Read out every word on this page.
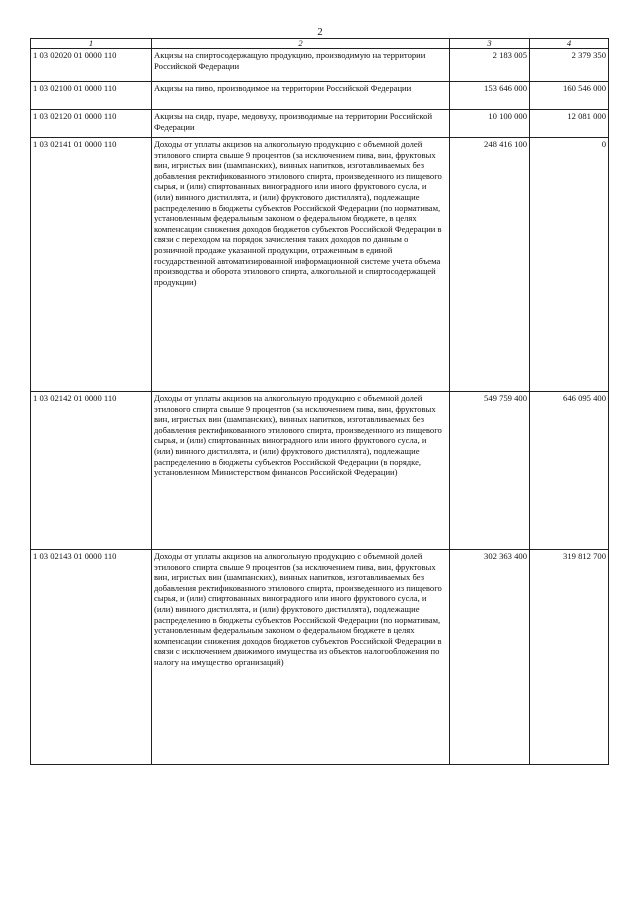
2
1	2	3	4
1 03 02020 01 0000 110	Акцизы на спиртосодержащую продукцию, производимую на территории Российской Федерации	2 183 005	2 379 350
1 03 02100 01 0000 110	Акцизы на пиво, производимое на территории Российской Федерации	153 646 000	160 546 000
1 03 02120 01 0000 110	Акцизы на сидр, пуаре, медовуху, производимые на территории Российской Федерации	10 100 000	12 081 000
1 03 02141 01 0000 110	Доходы от уплаты акцизов на алкогольную продукцию с объемной долей этилового спирта свыше 9 процентов (за исключением пива, вин, фруктовых вин, игристых вин (шампанских), винных напитков, изготавливаемых без добавления ректификованного этилового спирта, произведенного из пищевого сырья, и (или) спиртованных виноградного или иного фруктового сусла, и (или) винного дистиллята, и (или) фруктового дистиллята), подлежащие распределению в бюджеты субъектов Российской Федерации (по нормативам, установленным федеральным законом о федеральном бюджете, в целях компенсации снижения доходов бюджетов субъектов Российской Федерации в связи с переходом на порядок зачисления таких доходов по данным о розничной продаже указанной продукции, отраженным в единой государственной автоматизированной информационной системе учета объема производства и оборота этилового спирта, алкогольной и спиртосодержащей продукции)	248 416 100	0
1 03 02142 01 0000 110	Доходы от уплаты акцизов на алкогольную продукцию с объемной долей этилового спирта свыше 9 процентов (за исключением пива, вин, фруктовых вин, игристых вин (шампанских), винных напитков, изготавливаемых без добавления ректификованного этилового спирта, произведенного из пищевого сырья, и (или) спиртованных виноградного или иного фруктового сусла, и (или) винного дистиллята, и (или) фруктового дистиллята), подлежащие распределению в бюджеты субъектов Российской Федерации (в порядке, установленном Министерством финансов Российской Федерации)	549 759 400	646 095 400
1 03 02143 01 0000 110	Доходы от уплаты акцизов на алкогольную продукцию с объемной долей этилового спирта свыше 9 процентов (за исключением пива, вин, фруктовых вин, игристых вин (шампанских), винных напитков, изготавливаемых без добавления ректификованного этилового спирта, произведенного из пищевого сырья, и (или) спиртованных виноградного или иного фруктового сусла, и (или) винного дистиллята, и (или) фруктового дистиллята), подлежащие распределению в бюджеты субъектов Российской Федерации (по нормативам, установленным федеральным законом о федеральном бюджете в целях компенсации снижения доходов бюджетов субъектов Российской Федерации в связи с исключением движимого имущества из объектов налогообложения по налогу на имущество организаций)	302 363 400	319 812 700
